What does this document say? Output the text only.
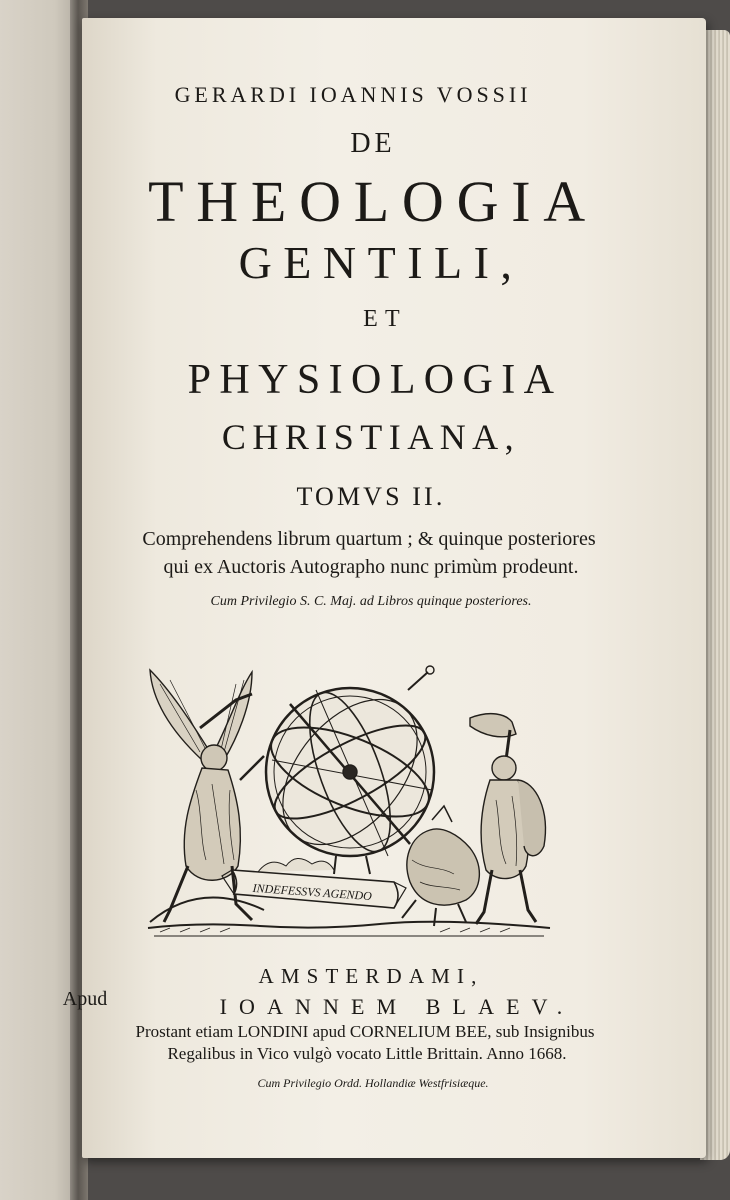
GERARDI IOANNIS VOSSII
DE
THEOLOGIA
GENTILI,
ET
PHYSIOLOGIA
CHRISTIANA,
TOMVS II.
Comprehendens librum quartum ; & quinque posteriores
qui ex Auctoris Autographo nunc primùm prodeunt.
Cum Privilegio S. C. Maj. ad Libros quinque posteriores.
INDEFESSVS AGENDO
AMSTERDAMI,
Apud	IOANNEM BLAEV.
Prostant etiam LONDINI apud CORNELIUM BEE, sub Insignibus
Regalibus in Vico vulgò vocato Little Brittain. Anno 1668.
Cum Privilegio Ordd. Hollandiæ Westfrisiæque.
